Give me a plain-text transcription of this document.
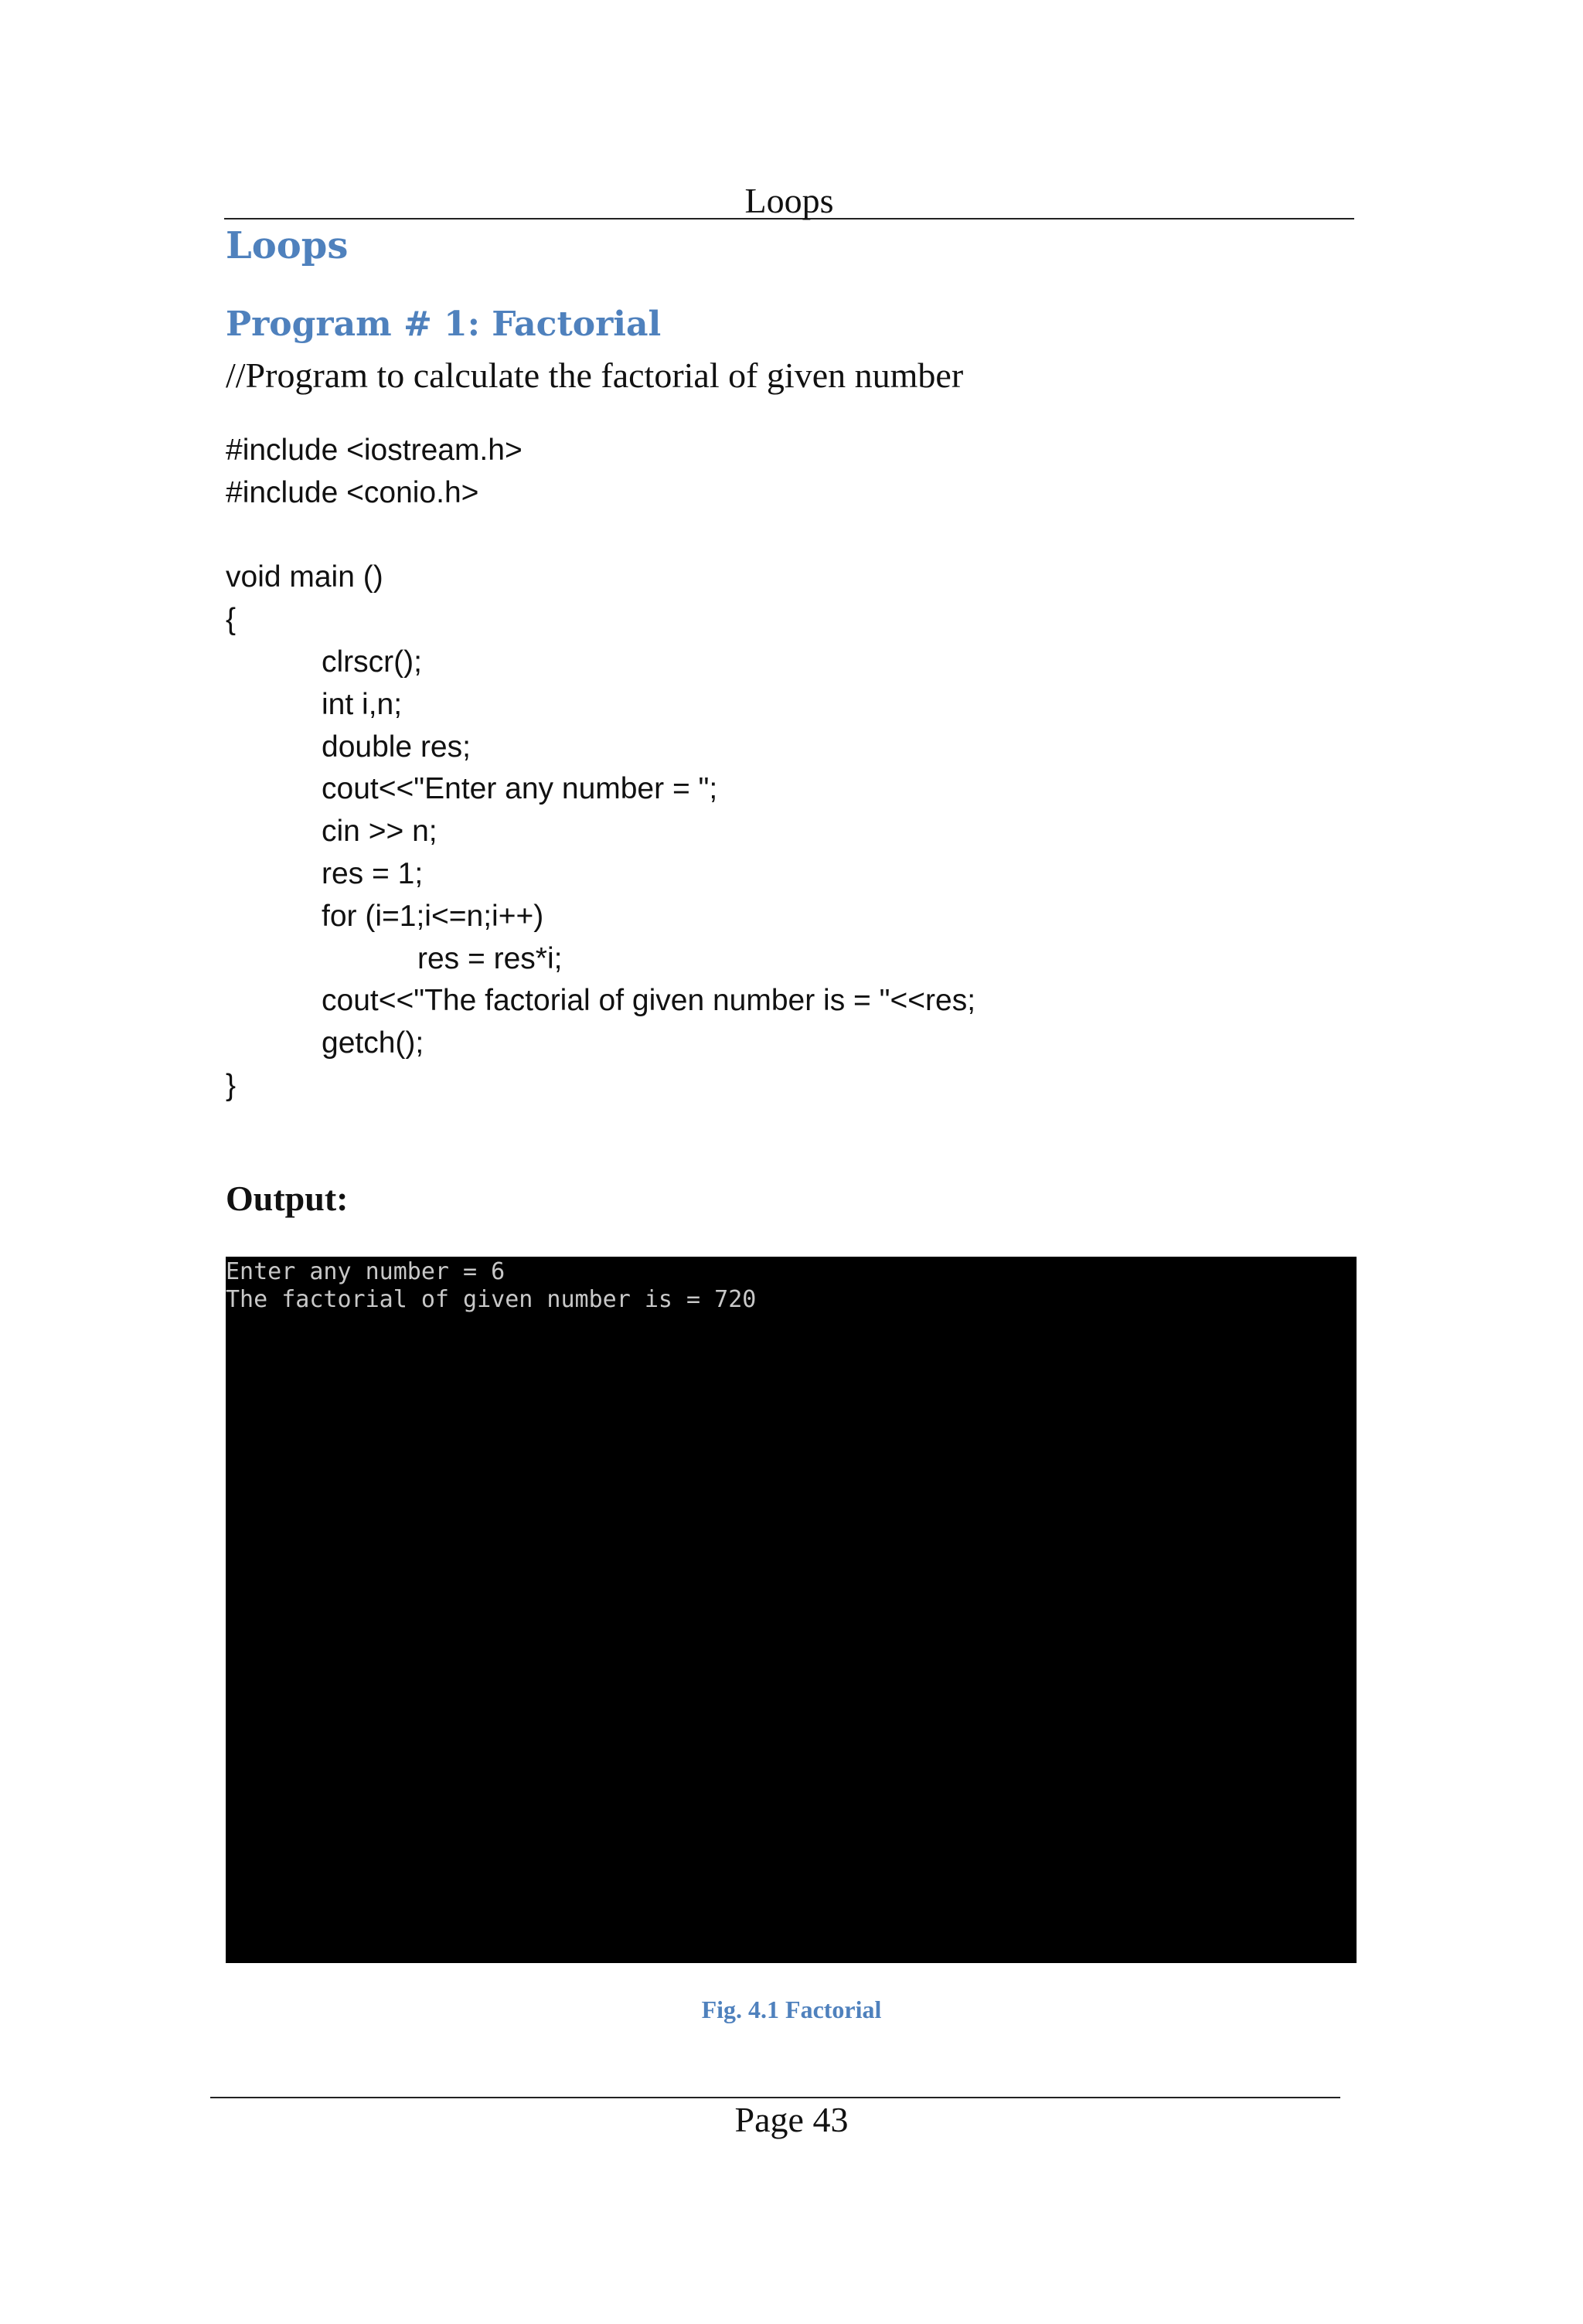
Loops
Loops
Program # 1: Factorial
//Program to calculate the factorial of given number
#include <iostream.h>
#include <conio.h>
void main ()
{
clrscr();
int i,n;
double res;
cout<<"Enter any number = ";
cin >> n;
res = 1;
for (i=1;i<=n;i++)
res = res*i;
cout<<"The factorial of given number is = "<<res;
getch();
}
Output:
Enter any number = 6
The factorial of given number is = 720
Fig. 4.1 Factorial
Page 43
